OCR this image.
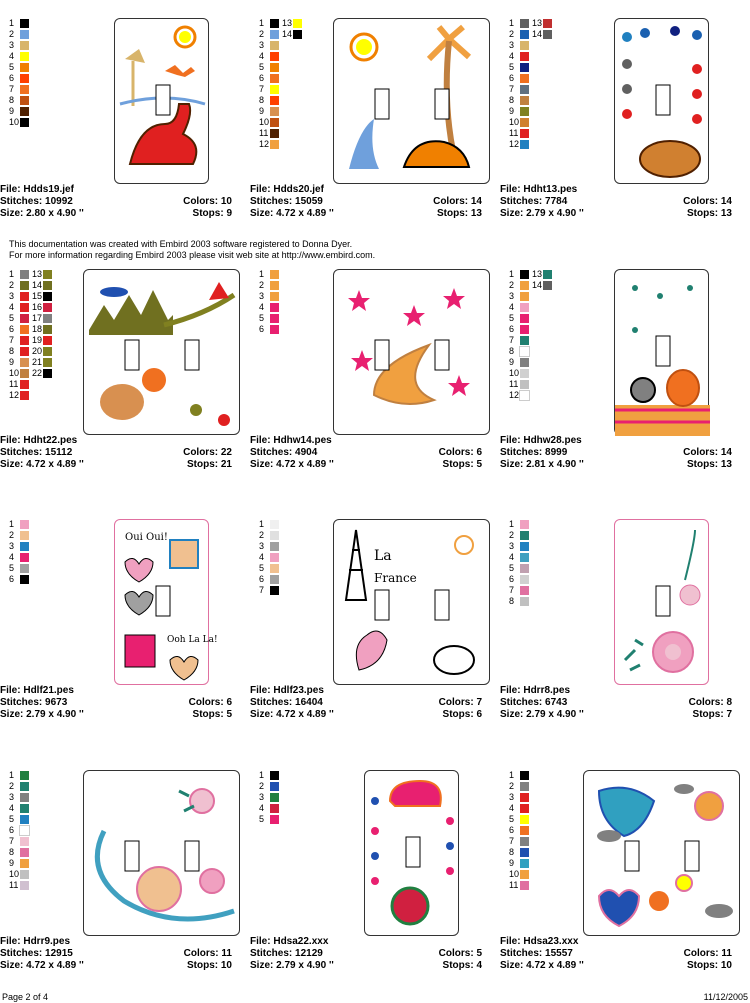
1
2
3
4
5
6
7
8
9
10
File: Hdds19.jef
Stitches: 10992	Colors: 10
Size: 2.80 x 4.90 ''	Stops: 9
1
2
3
4
5
6
7
8
9
10
11
12
13
14
File: Hdds20.jef
Stitches: 15059	Colors: 14
Size: 4.72 x 4.89 ''	Stops: 13
1
2
3
4
5
6
7
8
9
10
11
12
13
14
File: Hdht13.pes
Stitches: 7784	Colors: 14
Size: 2.79 x 4.90 ''	Stops: 13
This documentation was created with Embird 2003 software registered to Donna Dyer.
For more information regarding Embird 2003 please visit web site at http://www.embird.com.
1
2
3
4
5
6
7
8
9
10
11
12
13
14
15
16
17
18
19
20
21
22
File: Hdht22.pes
Stitches: 15112	Colors: 22
Size: 4.72 x 4.89 ''	Stops: 21
1
2
3
4
5
6
File: Hdhw14.pes
Stitches: 4904	Colors: 6
Size: 4.72 x 4.89 ''	Stops: 5
1
2
3
4
5
6
7
8
9
10
11
12
13
14
File: Hdhw28.pes
Stitches: 8999	Colors: 14
Size: 2.81 x 4.90 ''	Stops: 13
1
2
3
4
5
6
Oui Oui!
Ooh La La!
File: Hdlf21.pes
Stitches: 9673	Colors: 6
Size: 2.79 x 4.90 ''	Stops: 5
1
2
3
4
5
6
7
La
France
File: Hdlf23.pes
Stitches: 16404	Colors: 7
Size: 4.72 x 4.89 ''	Stops: 6
1
2
3
4
5
6
7
8
File: Hdrr8.pes
Stitches: 6743	Colors: 8
Size: 2.79 x 4.90 ''	Stops: 7
1
2
3
4
5
6
7
8
9
10
11
File: Hdrr9.pes
Stitches: 12915	Colors: 11
Size: 4.72 x 4.89 ''	Stops: 10
1
2
3
4
5
File: Hdsa22.xxx
Stitches: 12129	Colors: 5
Size: 2.79 x 4.90 ''	Stops: 4
1
2
3
4
5
6
7
8
9
10
11
File: Hdsa23.xxx
Stitches: 15557	Colors: 11
Size: 4.72 x 4.89 ''	Stops: 10
Page 2 of 4	11/12/2005
